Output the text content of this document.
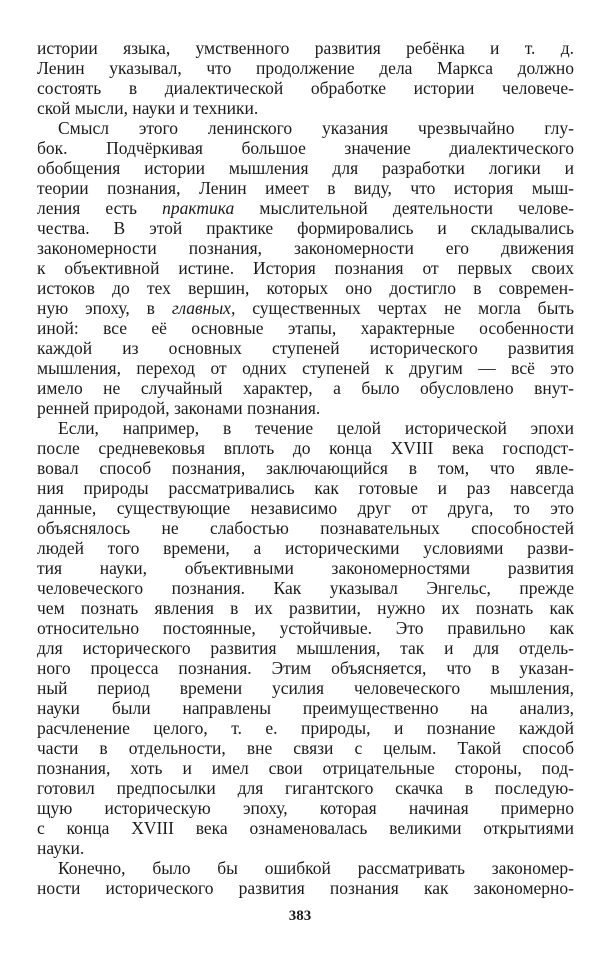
истории языка, умственного развития ребёнка и т. д.
Ленин указывал, что продолжение дела Маркса должно
состоять в диалектической обработке истории человече-
ской мысли, науки и техники.
Смысл этого ленинского указания чрезвычайно глу-
бок. Подчёркивая большое значение диалектического
обобщения истории мышления для разработки логики и
теории познания, Ленин имеет в виду, что история мыш-
ления есть практика мыслительной деятельности челове-
чества. В этой практике формировались и складывались
закономерности познания, закономерности его движения
к объективной истине. История познания от первых своих
истоков до тех вершин, которых оно достигло в современ-
ную эпоху, в главных, существенных чертах не могла быть
иной: все её основные этапы, характерные особенности
каждой из основных ступеней исторического развития
мышления, переход от одних ступеней к другим — всё это
имело не случайный характер, а было обусловлено внут-
ренней природой, законами познания.
Если, например, в течение целой исторической эпохи
после средневековья вплоть до конца XVIII века господст-
вовал способ познания, заключающийся в том, что явле-
ния природы рассматривались как готовые и раз навсегда
данные, существующие независимо друг от друга, то это
объяснялось не слабостью познавательных способностей
людей того времени, а историческими условиями разви-
тия науки, объективными закономерностями развития
человеческого познания. Как указывал Энгельс, прежде
чем познать явления в их развитии, нужно их познать как
относительно постоянные, устойчивые. Это правильно как
для исторического развития мышления, так и для отдель-
ного процесса познания. Этим объясняется, что в указан-
ный период времени усилия человеческого мышления,
науки были направлены преимущественно на анализ,
расчленение целого, т. е. природы, и познание каждой
части в отдельности, вне связи с целым. Такой способ
познания, хоть и имел свои отрицательные стороны, под-
готовил предпосылки для гигантского скачка в последую-
щую историческую эпоху, которая начиная примерно
с конца XVIII века ознаменовалась великими открытиями
науки.
Конечно, было бы ошибкой рассматривать закономер-
ности исторического развития познания как закономерно-
383
